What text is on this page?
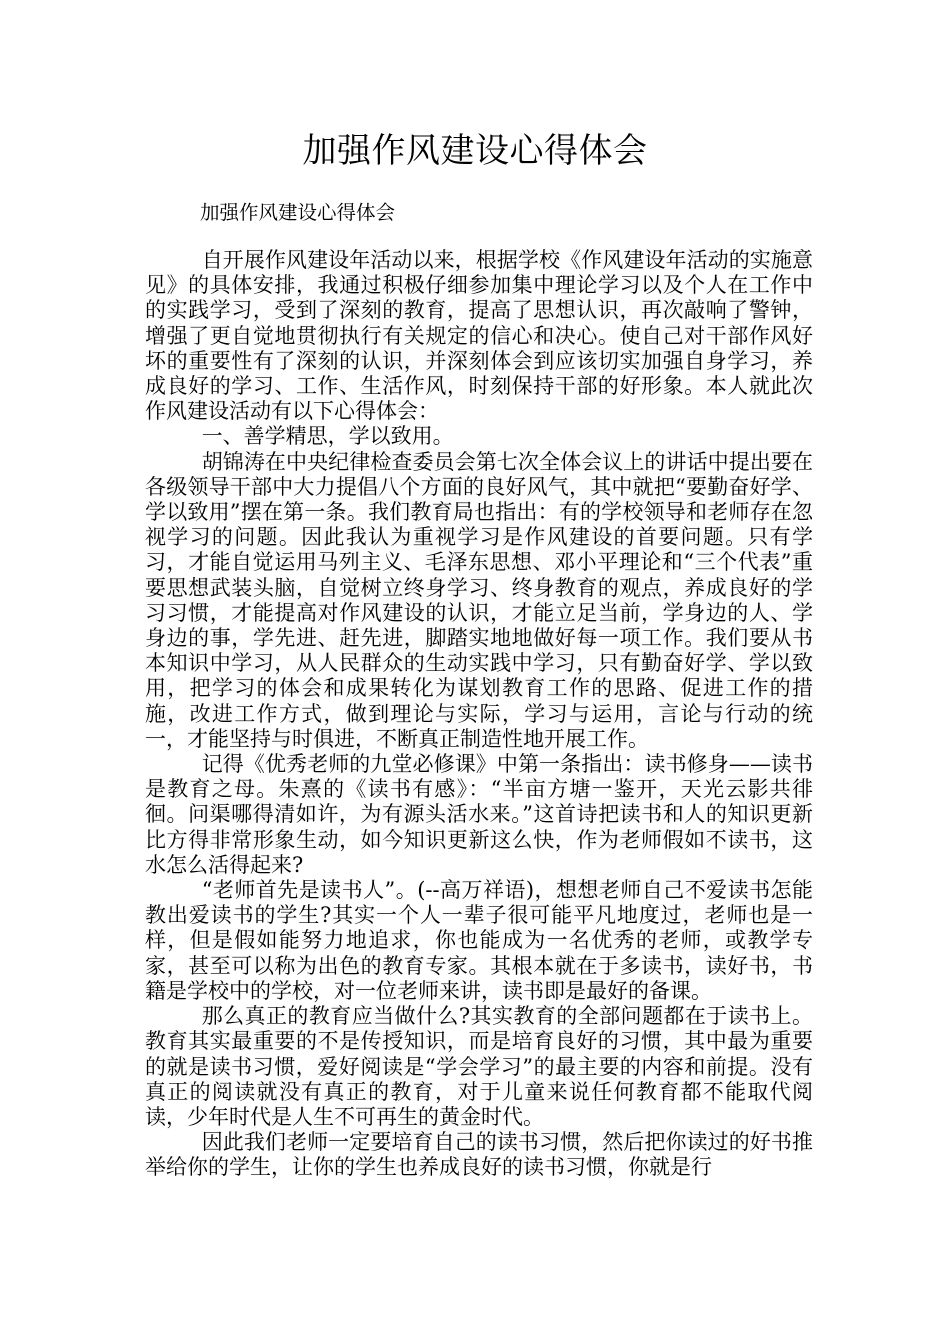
加强作风建设心得体会
加强作风建设心得体会

自开展作风建设年活动以来，根据学校《作风建设年活动的实施意见》的具体安排，我通过积极仔细参加集中理论学习以及个人在工作中的实践学习，受到了深刻的教育，提高了思想认识，再次敲响了警钟，增强了更自觉地贯彻执行有关规定的信心和决心。使自己对干部作风好坏的重要性有了深刻的认识，并深刻体会到应该切实加强自身学习，养成良好的学习、工作、生活作风，时刻保持干部的好形象。本人就此次作风建设活动有以下心得体会：

一、善学精思，学以致用。

胡锦涛在中央纪律检查委员会第七次全体会议上的讲话中提出要在各级领导干部中大力提倡八个方面的良好风气，其中就把“要勤奋好学、学以致用”摆在第一条。我们教育局也指出：有的学校领导和老师存在忽视学习的问题。因此我认为重视学习是作风建设的首要问题。只有学习，才能自觉运用马列主义、毛泽东思想、邓小平理论和“三个代表”重要思想武装头脑，自觉树立终身学习、终身教育的观点，养成良好的学习习惯，才能提高对作风建设的认识，才能立足当前，学身边的人、学身边的事，学先进、赶先进，脚踏实地地做好每一项工作。我们要从书本知识中学习，从人民群众的生动实践中学习，只有勤奋好学、学以致用，把学习的体会和成果转化为谋划教育工作的思路、促进工作的措施，改进工作方式，做到理论与实际，学习与运用，言论与行动的统一，才能坚持与时俱进，不断真正制造性地开展工作。

记得《优秀老师的九堂必修课》中第一条指出：读书修身——读书是教育之母。朱熹的《读书有感》：“半亩方塘一鉴开，天光云影共徘徊。问渠哪得清如许，为有源头活水来。”这首诗把读书和人的知识更新比方得非常形象生动，如今知识更新这么快，作为老师假如不读书，这水怎么活得起来?

“老师首先是读书人”。(--高万祥语)，想想老师自己不爱读书怎能教出爱读书的学生?其实一个人一辈子很可能平凡地度过，老师也是一样，但是假如能努力地追求，你也能成为一名优秀的老师，或教学专家，甚至可以称为出色的教育专家。其根本就在于多读书，读好书，书籍是学校中的学校，对一位老师来讲，读书即是最好的备课。

那么真正的教育应当做什么?其实教育的全部问题都在于读书上。教育其实最重要的不是传授知识，而是培育良好的习惯，其中最为重要的就是读书习惯，爱好阅读是“学会学习”的最主要的内容和前提。没有真正的阅读就没有真正的教育，对于儿童来说任何教育都不能取代阅读，少年时代是人生不可再生的黄金时代。

因此我们老师一定要培育自己的读书习惯，然后把你读过的好书推举给你的学生，让你的学生也养成良好的读书习惯，你就是行
